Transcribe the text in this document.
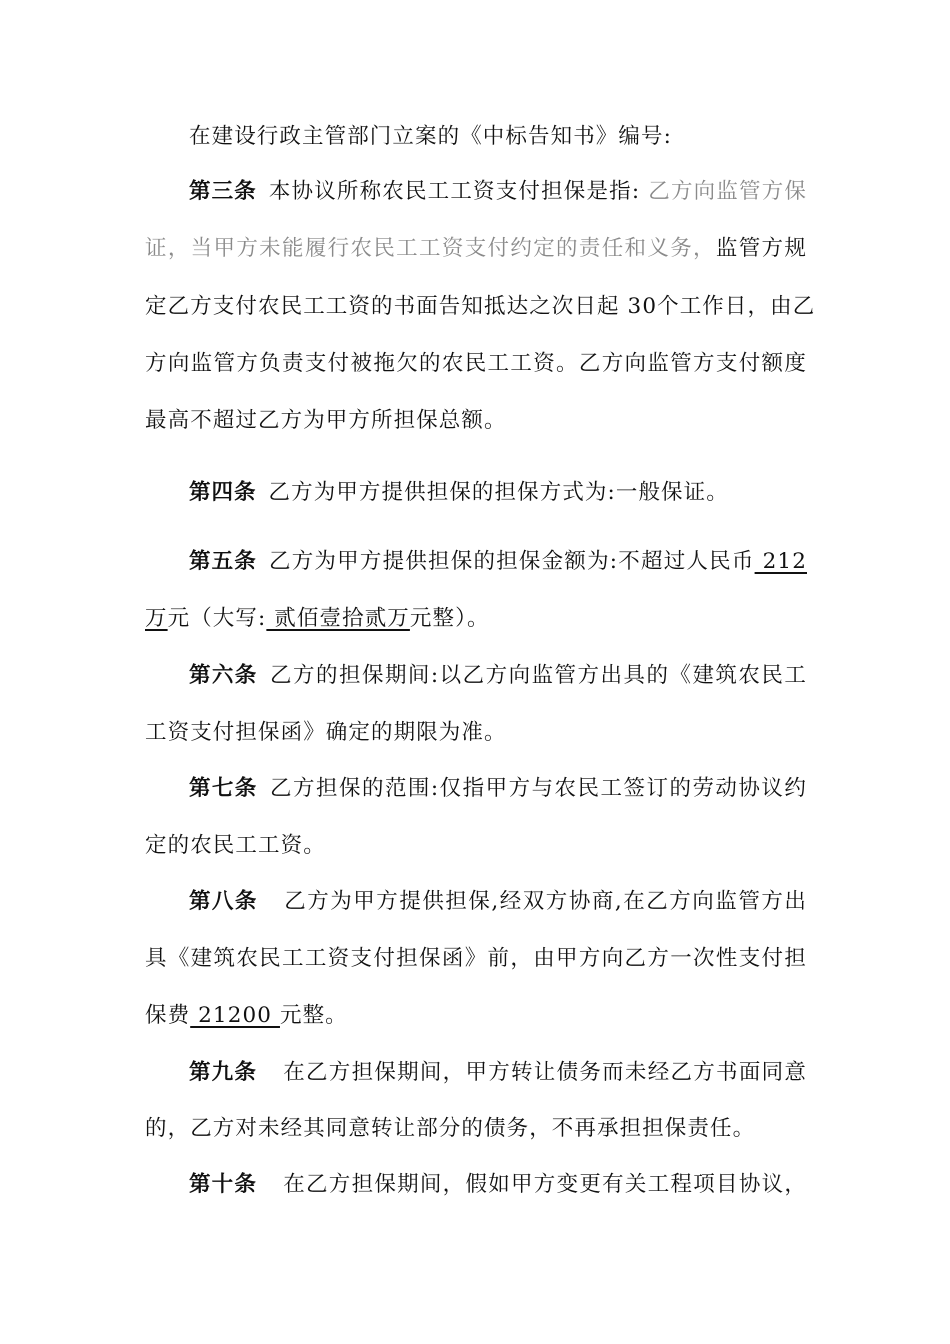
在建设行政主管部门立案的《中标告知书》编号:
第三条 本协议所称农民工工资支付担保是指: 乙方向监管方保
证，当甲方未能履行农民工工资支付约定的责任和义务，监管方规
定乙方支付农民工工资的书面告知抵达之次日起 30个工作日，由乙
方向监管方负责支付被拖欠的农民工工资。乙方向监管方支付额度
最高不超过乙方为甲方所担保总额。
第四条 乙方为甲方提供担保的担保方式为:一般保证。
第五条 乙方为甲方提供担保的担保金额为:不超过人民币 212
万元（大写: 贰佰壹拾贰万元整）。
第六条 乙方的担保期间:以乙方向监管方出具的《建筑农民工
工资支付担保函》确定的期限为准。
第七条 乙方担保的范围:仅指甲方与农民工签订的劳动协议约
定的农民工工资。
第八条 乙方为甲方提供担保,经双方协商,在乙方向监管方出
具《建筑农民工工资支付担保函》前，由甲方向乙方一次性支付担
保费 21200 元整。
第九条 在乙方担保期间，甲方转让债务而未经乙方书面同意
的，乙方对未经其同意转让部分的债务，不再承担担保责任。
第十条 在乙方担保期间，假如甲方变更有关工程项目协议，
